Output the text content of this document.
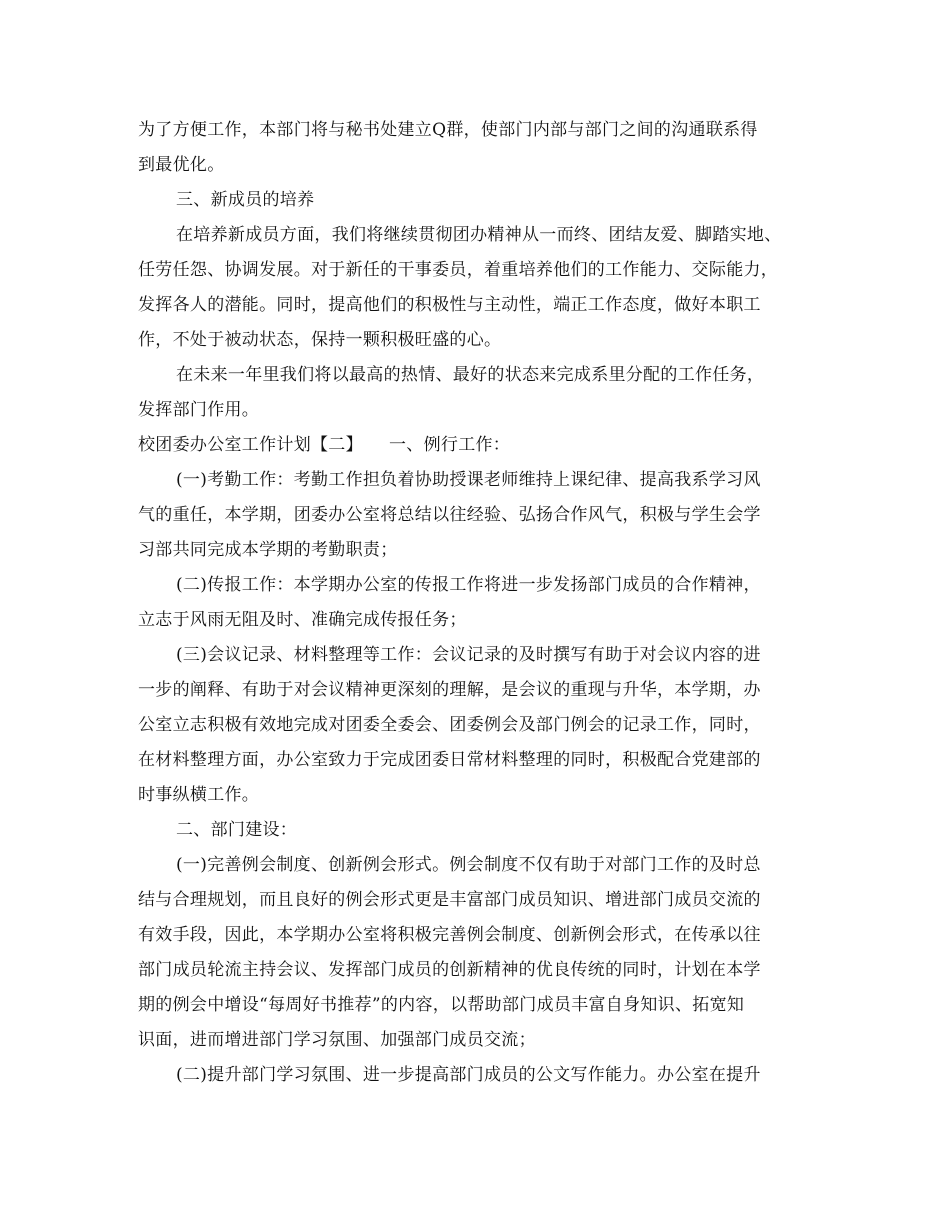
为了方便工作，本部门将与秘书处建立Q群，使部门内部与部门之间的沟通联系得
到最优化。
三、新成员的培养
在培养新成员方面，我们将继续贯彻团办精神从一而终、团结友爱、脚踏实地、
任劳任怨、协调发展。对于新任的干事委员，着重培养他们的工作能力、交际能力，
发挥各人的潜能。同时，提高他们的积极性与主动性，端正工作态度，做好本职工
作，不处于被动状态，保持一颗积极旺盛的心。
在未来一年里我们将以最高的热情、最好的状态来完成系里分配的工作任务，
发挥部门作用。
校团委办公室工作计划【二】　　一、例行工作：
(一)考勤工作：考勤工作担负着协助授课老师维持上课纪律、提高我系学习风
气的重任，本学期，团委办公室将总结以往经验、弘扬合作风气，积极与学生会学
习部共同完成本学期的考勤职责；
(二)传报工作：本学期办公室的传报工作将进一步发扬部门成员的合作精神，
立志于风雨无阻及时、准确完成传报任务；
(三)会议记录、材料整理等工作：会议记录的及时撰写有助于对会议内容的进
一步的阐释、有助于对会议精神更深刻的理解，是会议的重现与升华，本学期，办
公室立志积极有效地完成对团委全委会、团委例会及部门例会的记录工作，同时，
在材料整理方面，办公室致力于完成团委日常材料整理的同时，积极配合党建部的
时事纵横工作。
二、部门建设：
(一)完善例会制度、创新例会形式。例会制度不仅有助于对部门工作的及时总
结与合理规划，而且良好的例会形式更是丰富部门成员知识、增进部门成员交流的
有效手段，因此，本学期办公室将积极完善例会制度、创新例会形式，在传承以往
部门成员轮流主持会议、发挥部门成员的创新精神的优良传统的同时，计划在本学
期的例会中增设“每周好书推荐”的内容，以帮助部门成员丰富自身知识、拓宽知
识面，进而增进部门学习氛围、加强部门成员交流；
(二)提升部门学习氛围、进一步提高部门成员的公文写作能力。办公室在提升
